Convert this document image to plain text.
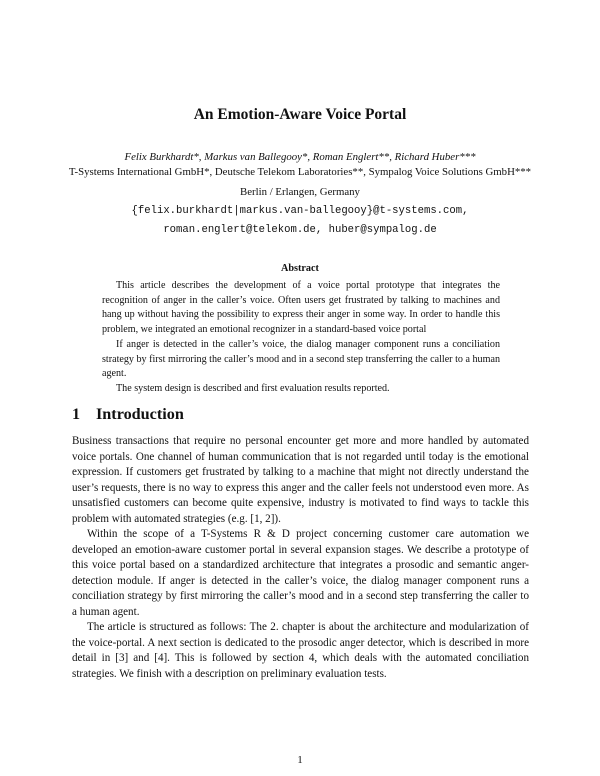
An Emotion-Aware Voice Portal
Felix Burkhardt*, Markus van Ballegooy*, Roman Englert**, Richard Huber***
T-Systems International GmbH*, Deutsche Telekom Laboratories**, Sympalog Voice Solutions GmbH***
Berlin / Erlangen, Germany
{felix.burkhardt|markus.van-ballegooy}@t-systems.com,
roman.englert@telekom.de, huber@sympalog.de
Abstract

This article describes the development of a voice portal prototype that integrates the recognition of anger in the caller’s voice. Often users get frustrated by talking to machines and hang up without having the possibility to express their anger in some way. In order to handle this problem, we integrated an emotional recognizer in a standard-based voice portal

If anger is detected in the caller’s voice, the dialog manager component runs a conciliation strategy by first mirroring the caller’s mood and in a second step transferring the caller to a human agent.

The system design is described and first evaluation results reported.

1 Introduction

Business transactions that require no personal encounter get more and more handled by automated voice portals. One channel of human communication that is not regarded until today is the emotional expression. If customers get frustrated by talking to a machine that might not directly understand the user’s requests, there is no way to express this anger and the caller feels not understood even more. As unsatisfied customers can become quite expensive, industry is motivated to find ways to tackle this problem with automated strategies (e.g. [1, 2]).

Within the scope of a T-Systems R & D project concerning customer care automation we developed an emotion-aware customer portal in several expansion stages. We describe a prototype of this voice portal based on a standardized architecture that integrates a prosodic and semantic anger-detection module. If anger is detected in the caller’s voice, the dialog manager component runs a conciliation strategy by first mirroring the caller’s mood and in a second step transferring the caller to a human agent.

The article is structured as follows: The 2. chapter is about the architecture and modularization of the voice-portal. A next section is dedicated to the prosodic anger detector, which is described in more detail in [3] and [4]. This is followed by section 4, which deals with the automated conciliation strategies. We finish with a description on preliminary evaluation tests.

1
